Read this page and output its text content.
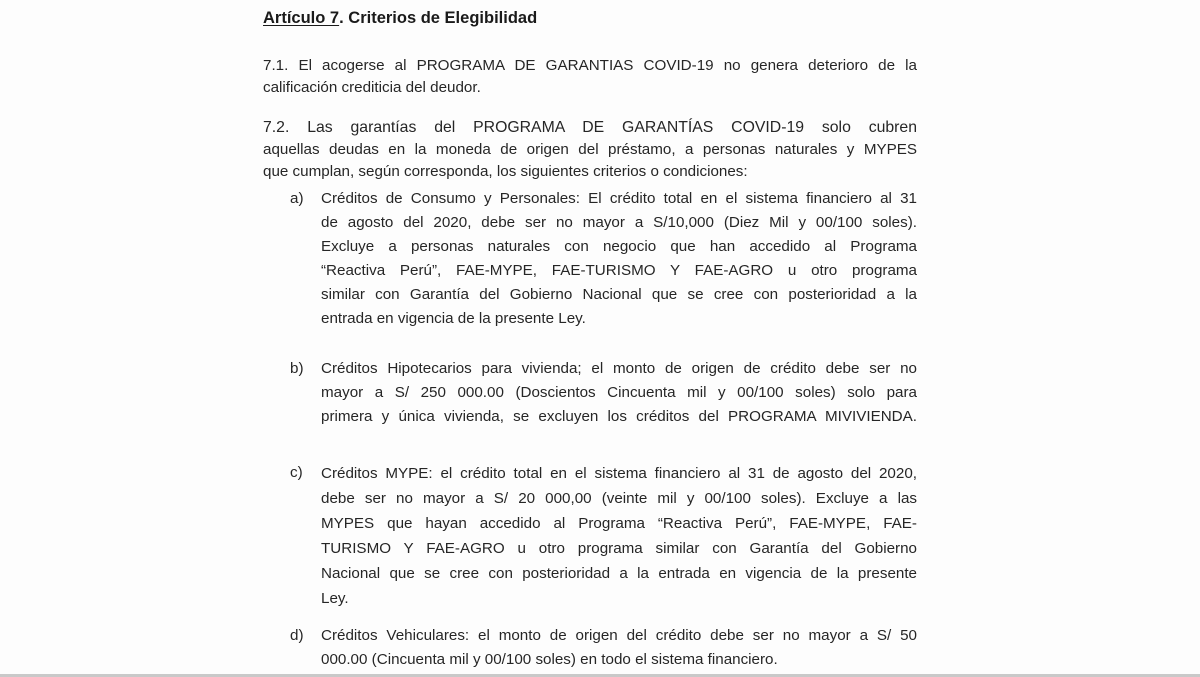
Artículo 7. Criterios de Elegibilidad
7.1. El acogerse al PROGRAMA DE GARANTIAS COVID-19 no genera deterioro de la
calificación crediticia del deudor.
7.2. Las garantías del PROGRAMA DE GARANTÍAS COVID-19 solo cubren
aquellas deudas en la moneda de origen del préstamo, a personas naturales y MYPES
que cumplan, según corresponda, los siguientes criterios o condiciones:
a) Créditos de Consumo y Personales: El crédito total en el sistema financiero al 31
de agosto del 2020, debe ser no mayor a S/10,000 (Diez Mil y 00/100 soles).
Excluye a personas naturales con negocio que han accedido al Programa
“Reactiva Perú”, FAE-MYPE, FAE-TURISMO Y FAE-AGRO u otro programa
similar con Garantía del Gobierno Nacional que se cree con posterioridad a la
entrada en vigencia de la presente Ley.
b) Créditos Hipotecarios para vivienda; el monto de origen de crédito debe ser no
mayor a S/ 250 000.00 (Doscientos Cincuenta mil y 00/100 soles) solo para
primera y única vivienda, se excluyen los créditos del PROGRAMA MIVIVIENDA.
c) Créditos MYPE: el crédito total en el sistema financiero al 31 de agosto del 2020,
debe ser no mayor a S/ 20 000,00 (veinte mil y 00/100 soles). Excluye a las
MYPES que hayan accedido al Programa “Reactiva Perú”, FAE-MYPE, FAE-
TURISMO Y FAE-AGRO u otro programa similar con Garantía del Gobierno
Nacional que se cree con posterioridad a la entrada en vigencia de la presente
Ley.
d) Créditos Vehiculares: el monto de origen del crédito debe ser no mayor a S/ 50
000.00 (Cincuenta mil y 00/100 soles) en todo el sistema financiero.
